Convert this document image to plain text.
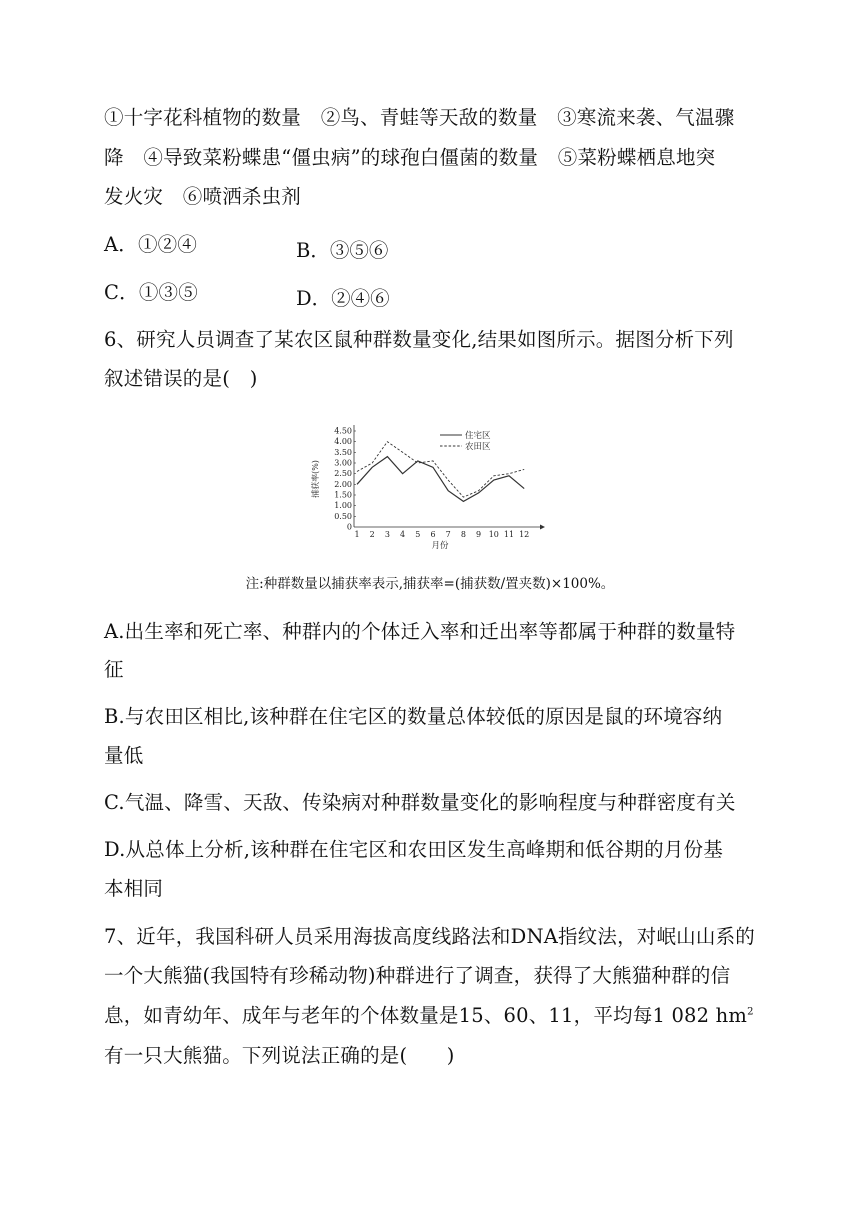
①十字花科植物的数量　②鸟、青蛙等天敌的数量　③寒流来袭、气温骤
降　④导致菜粉蝶患“僵虫病”的球孢白僵菌的数量　⑤菜粉蝶栖息地突
发火灾　⑥喷洒杀虫剂
A．①②④	B．③⑤⑥
C．①③⑤	D．②④⑥
6、研究人员调查了某农区鼠种群数量变化,结果如图所示。据图分析下列
叙述错误的是(　)
捕获率(%)
月份
0
0.50
1.00
1.50
2.00
2.50
3.00
3.50
4.00
4.50
1 2 3 4 5 6 7 8 9 10 11 12
住宅区
农田区
注:种群数量以捕获率表示,捕获率=(捕获数/置夹数)×100%。
A.出生率和死亡率、种群内的个体迁入率和迁出率等都属于种群的数量特
征
B.与农田区相比,该种群在住宅区的数量总体较低的原因是鼠的环境容纳
量低
C.气温、降雪、天敌、传染病对种群数量变化的影响程度与种群密度有关
D.从总体上分析,该种群在住宅区和农田区发生高峰期和低谷期的月份基
本相同
7、近年，我国科研人员采用海拔高度线路法和DNA指纹法，对岷山山系的
一个大熊猫(我国特有珍稀动物)种群进行了调查，获得了大熊猫种群的信
息，如青幼年、成年与老年的个体数量是15、60、11，平均每1 082 $hm^2$
有一只大熊猫。下列说法正确的是(　　)
